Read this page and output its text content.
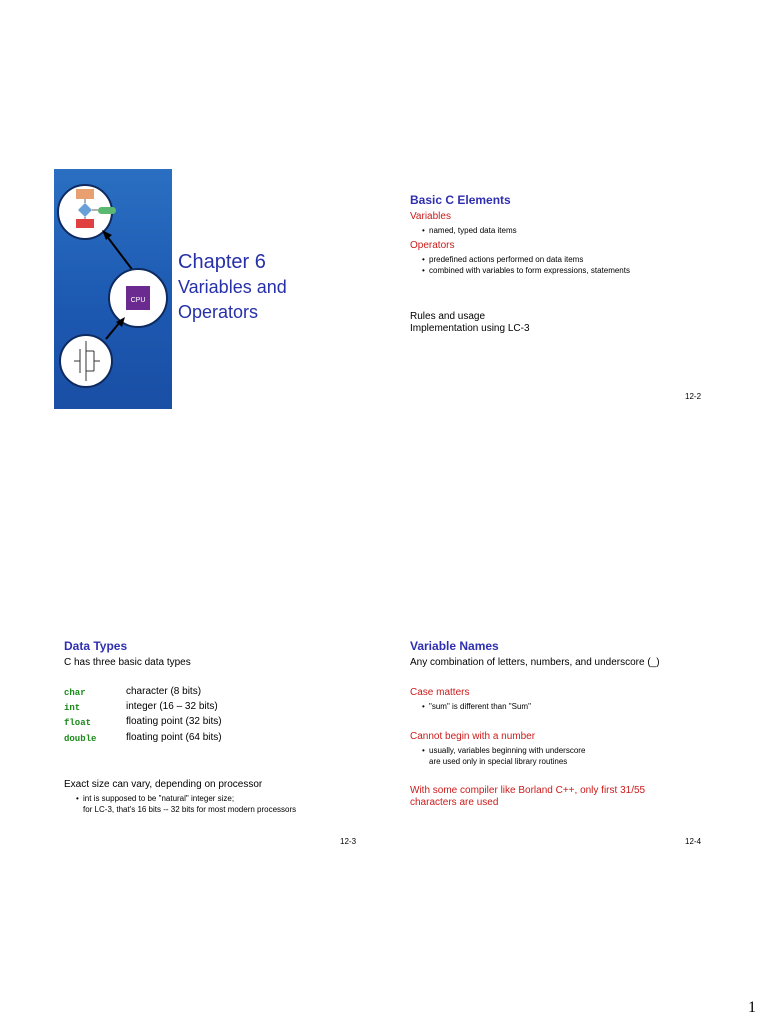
CPU
Chapter 6
Variables and
Operators
Basic C Elements
Variables
• named, typed data items
Operators
• predefined actions performed on data items
• combined with variables to form expressions, statements
Rules and usage
Implementation using LC-3
12-2
Data Types
C has three basic data types
char	character (8 bits)
int	integer (16 – 32 bits)
float	floating point (32 bits)
double	floating point (64 bits)
Exact size can vary, depending on processor
• int is supposed to be "natural" integer size;
for LC-3, that's 16 bits -- 32 bits for most modern processors
12-3
Variable Names
Any combination of letters, numbers, and underscore (_)
Case matters
• "sum" is different than "Sum"
Cannot begin with a number
• usually, variables beginning with underscore
are used only in special library routines
With some compiler like Borland C++, only first 31/55
characters are used
12-4
1
